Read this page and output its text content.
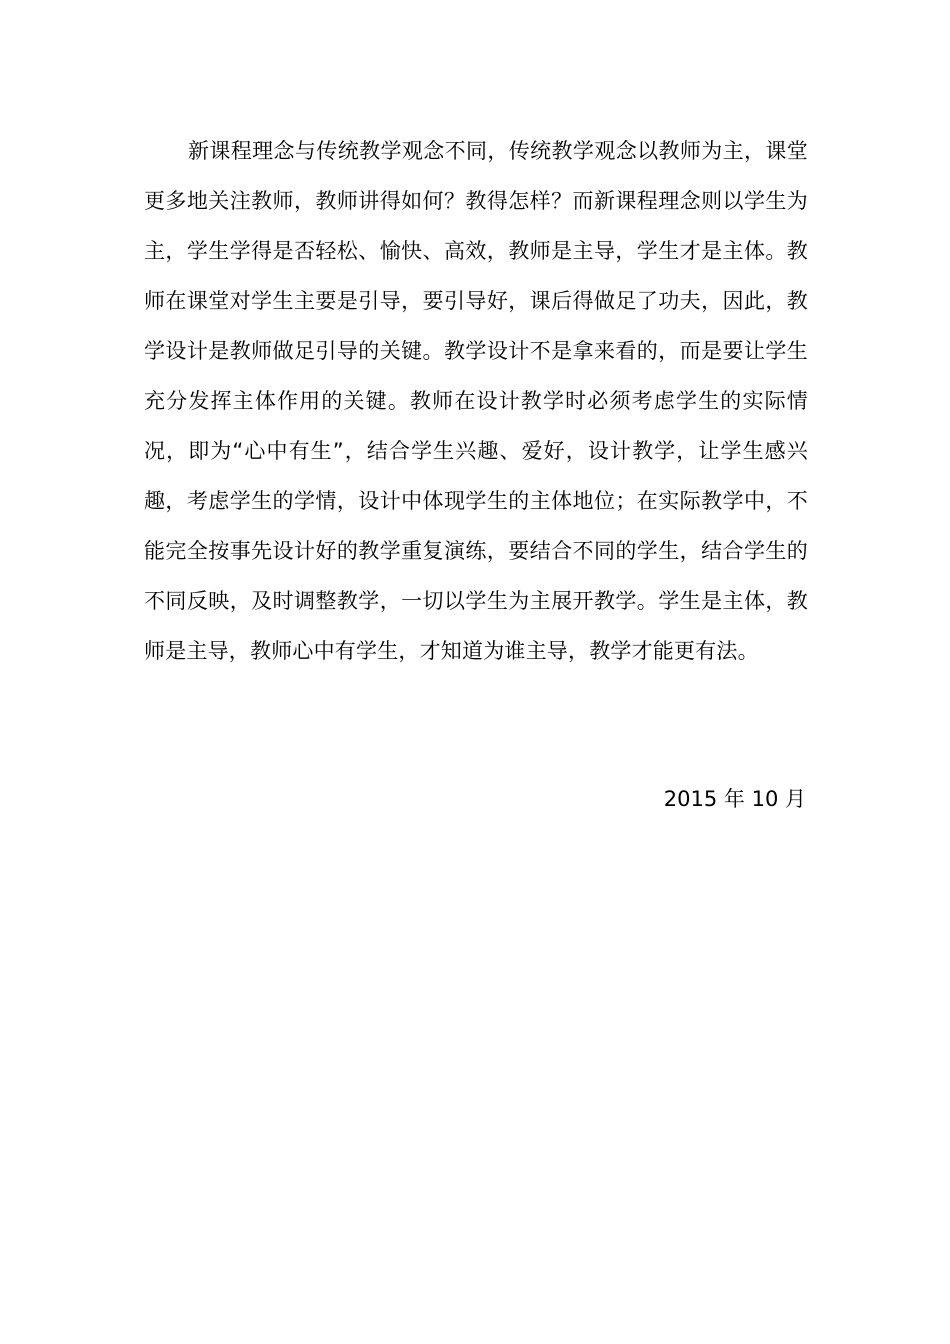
新课程理念与传统教学观念不同，传统教学观念以教师为主，课堂更多地关注教师，教师讲得如何？教得怎样？而新课程理念则以学生为主，学生学得是否轻松、愉快、高效，教师是主导，学生才是主体。教师在课堂对学生主要是引导，要引导好，课后得做足了功夫，因此，教学设计是教师做足引导的关键。教学设计不是拿来看的，而是要让学生充分发挥主体作用的关键。教师在设计教学时必须考虑学生的实际情况，即为“心中有生”，结合学生兴趣、爱好，设计教学，让学生感兴趣，考虑学生的学情，设计中体现学生的主体地位；在实际教学中，不能完全按事先设计好的教学重复演练，要结合不同的学生，结合学生的不同反映，及时调整教学，一切以学生为主展开教学。学生是主体，教师是主导，教师心中有学生，才知道为谁主导，教学才能更有法。

2015 年 10 月
